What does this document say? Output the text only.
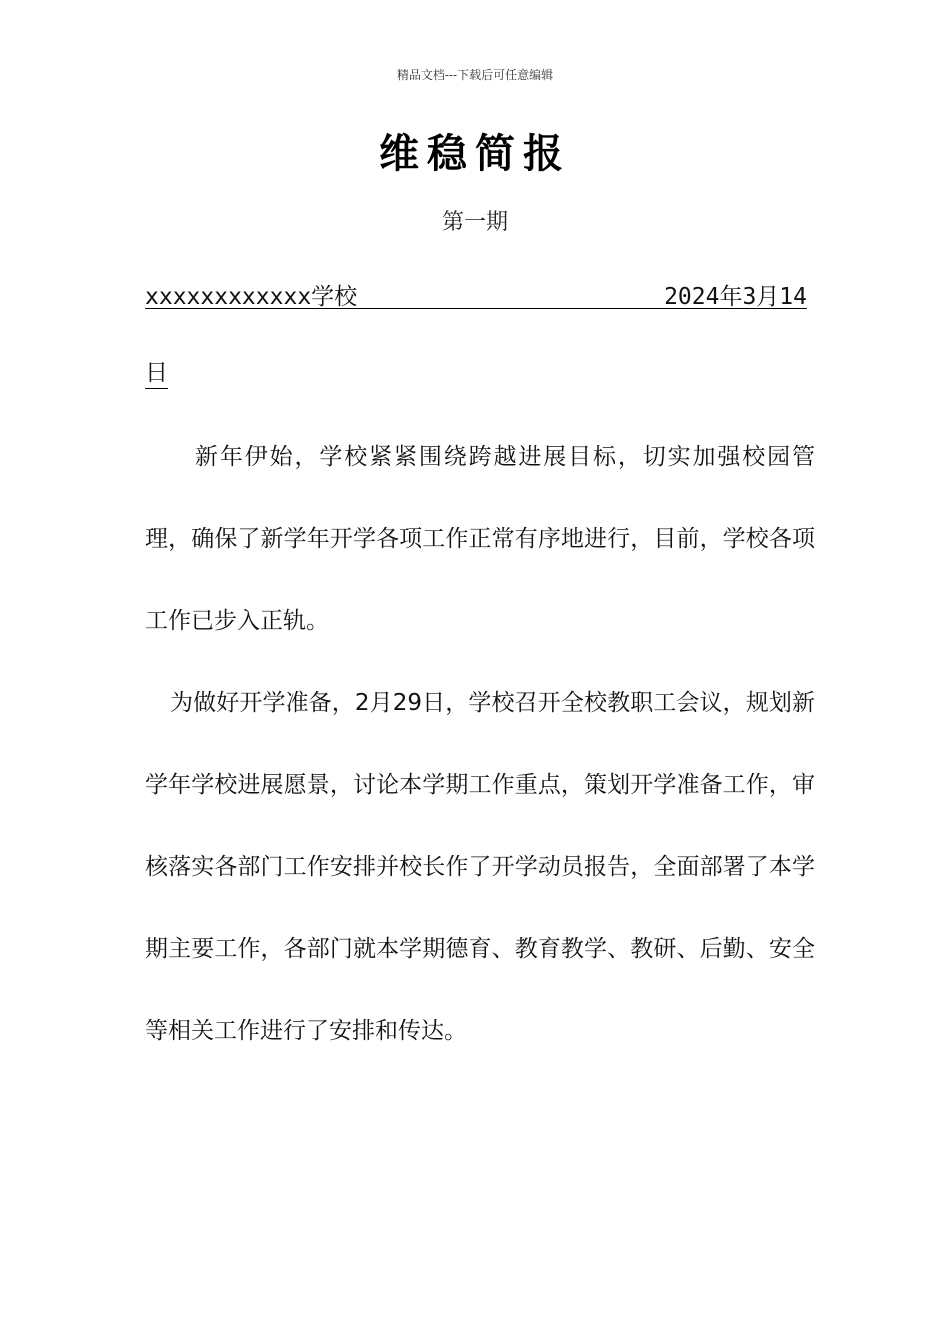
精品文档---下载后可任意编辑
维稳简报
第一期
xxxxxxxxxxxx学校	2024年3月14
日
新年伊始，学校紧紧围绕跨越进展目标，切实加强校园管理，确保了新学年开学各项工作正常有序地进行，目前，学校各项工作已步入正轨。
为做好开学准备，2月29日，学校召开全校教职工会议，规划新学年学校进展愿景，讨论本学期工作重点，策划开学准备工作，审核落实各部门工作安排并校长作了开学动员报告，全面部署了本学期主要工作，各部门就本学期德育、教育教学、教研、后勤、安全等相关工作进行了安排和传达。
